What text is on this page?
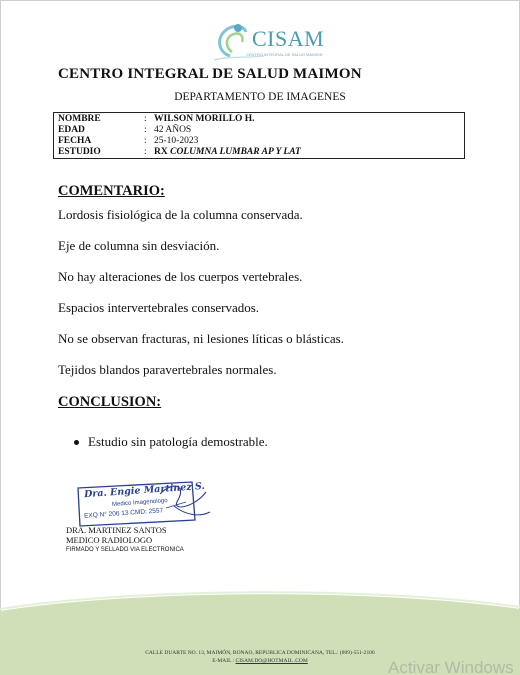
CISAM
CENTRO INTEGRAL DE SALUD MAIMON
CENTRO INTEGRAL DE SALUD MAIMON
DEPARTAMENTO DE IMAGENES
NOMBRE	: WILSON MORILLO H.
EDAD	: 42 AÑOS
FECHA	: 25-10-2023
ESTUDIO	: RX COLUMNA LUMBAR AP Y LAT
COMENTARIO:
Lordosis fisiológica de la columna conservada.
Eje de columna sin desviación.
No hay alteraciones de los cuerpos vertebrales.
Espacios intervertebrales conservados.
No se observan fracturas, ni lesiones líticas o blásticas.
Tejidos blandos paravertebrales normales.
CONCLUSION:
Estudio sin patología demostrable.
Dra. Engie Martinez S.
Medico Imagenologo
EXQ N° 206 13 CMD: 2557
DRA. MARTINEZ SANTOS
MEDICO RADIOLOGO
FIRMADO Y SELLADO VIA ELECTRONICA
CALLE DUARTE NO. 13, MAIMÓN, BONAO, REPUBLICA DOMINICANA, TEL.: (809)-551-2106
E-MAIL : CISAM.DO@HOTMAIL .COM	Activar Windows
